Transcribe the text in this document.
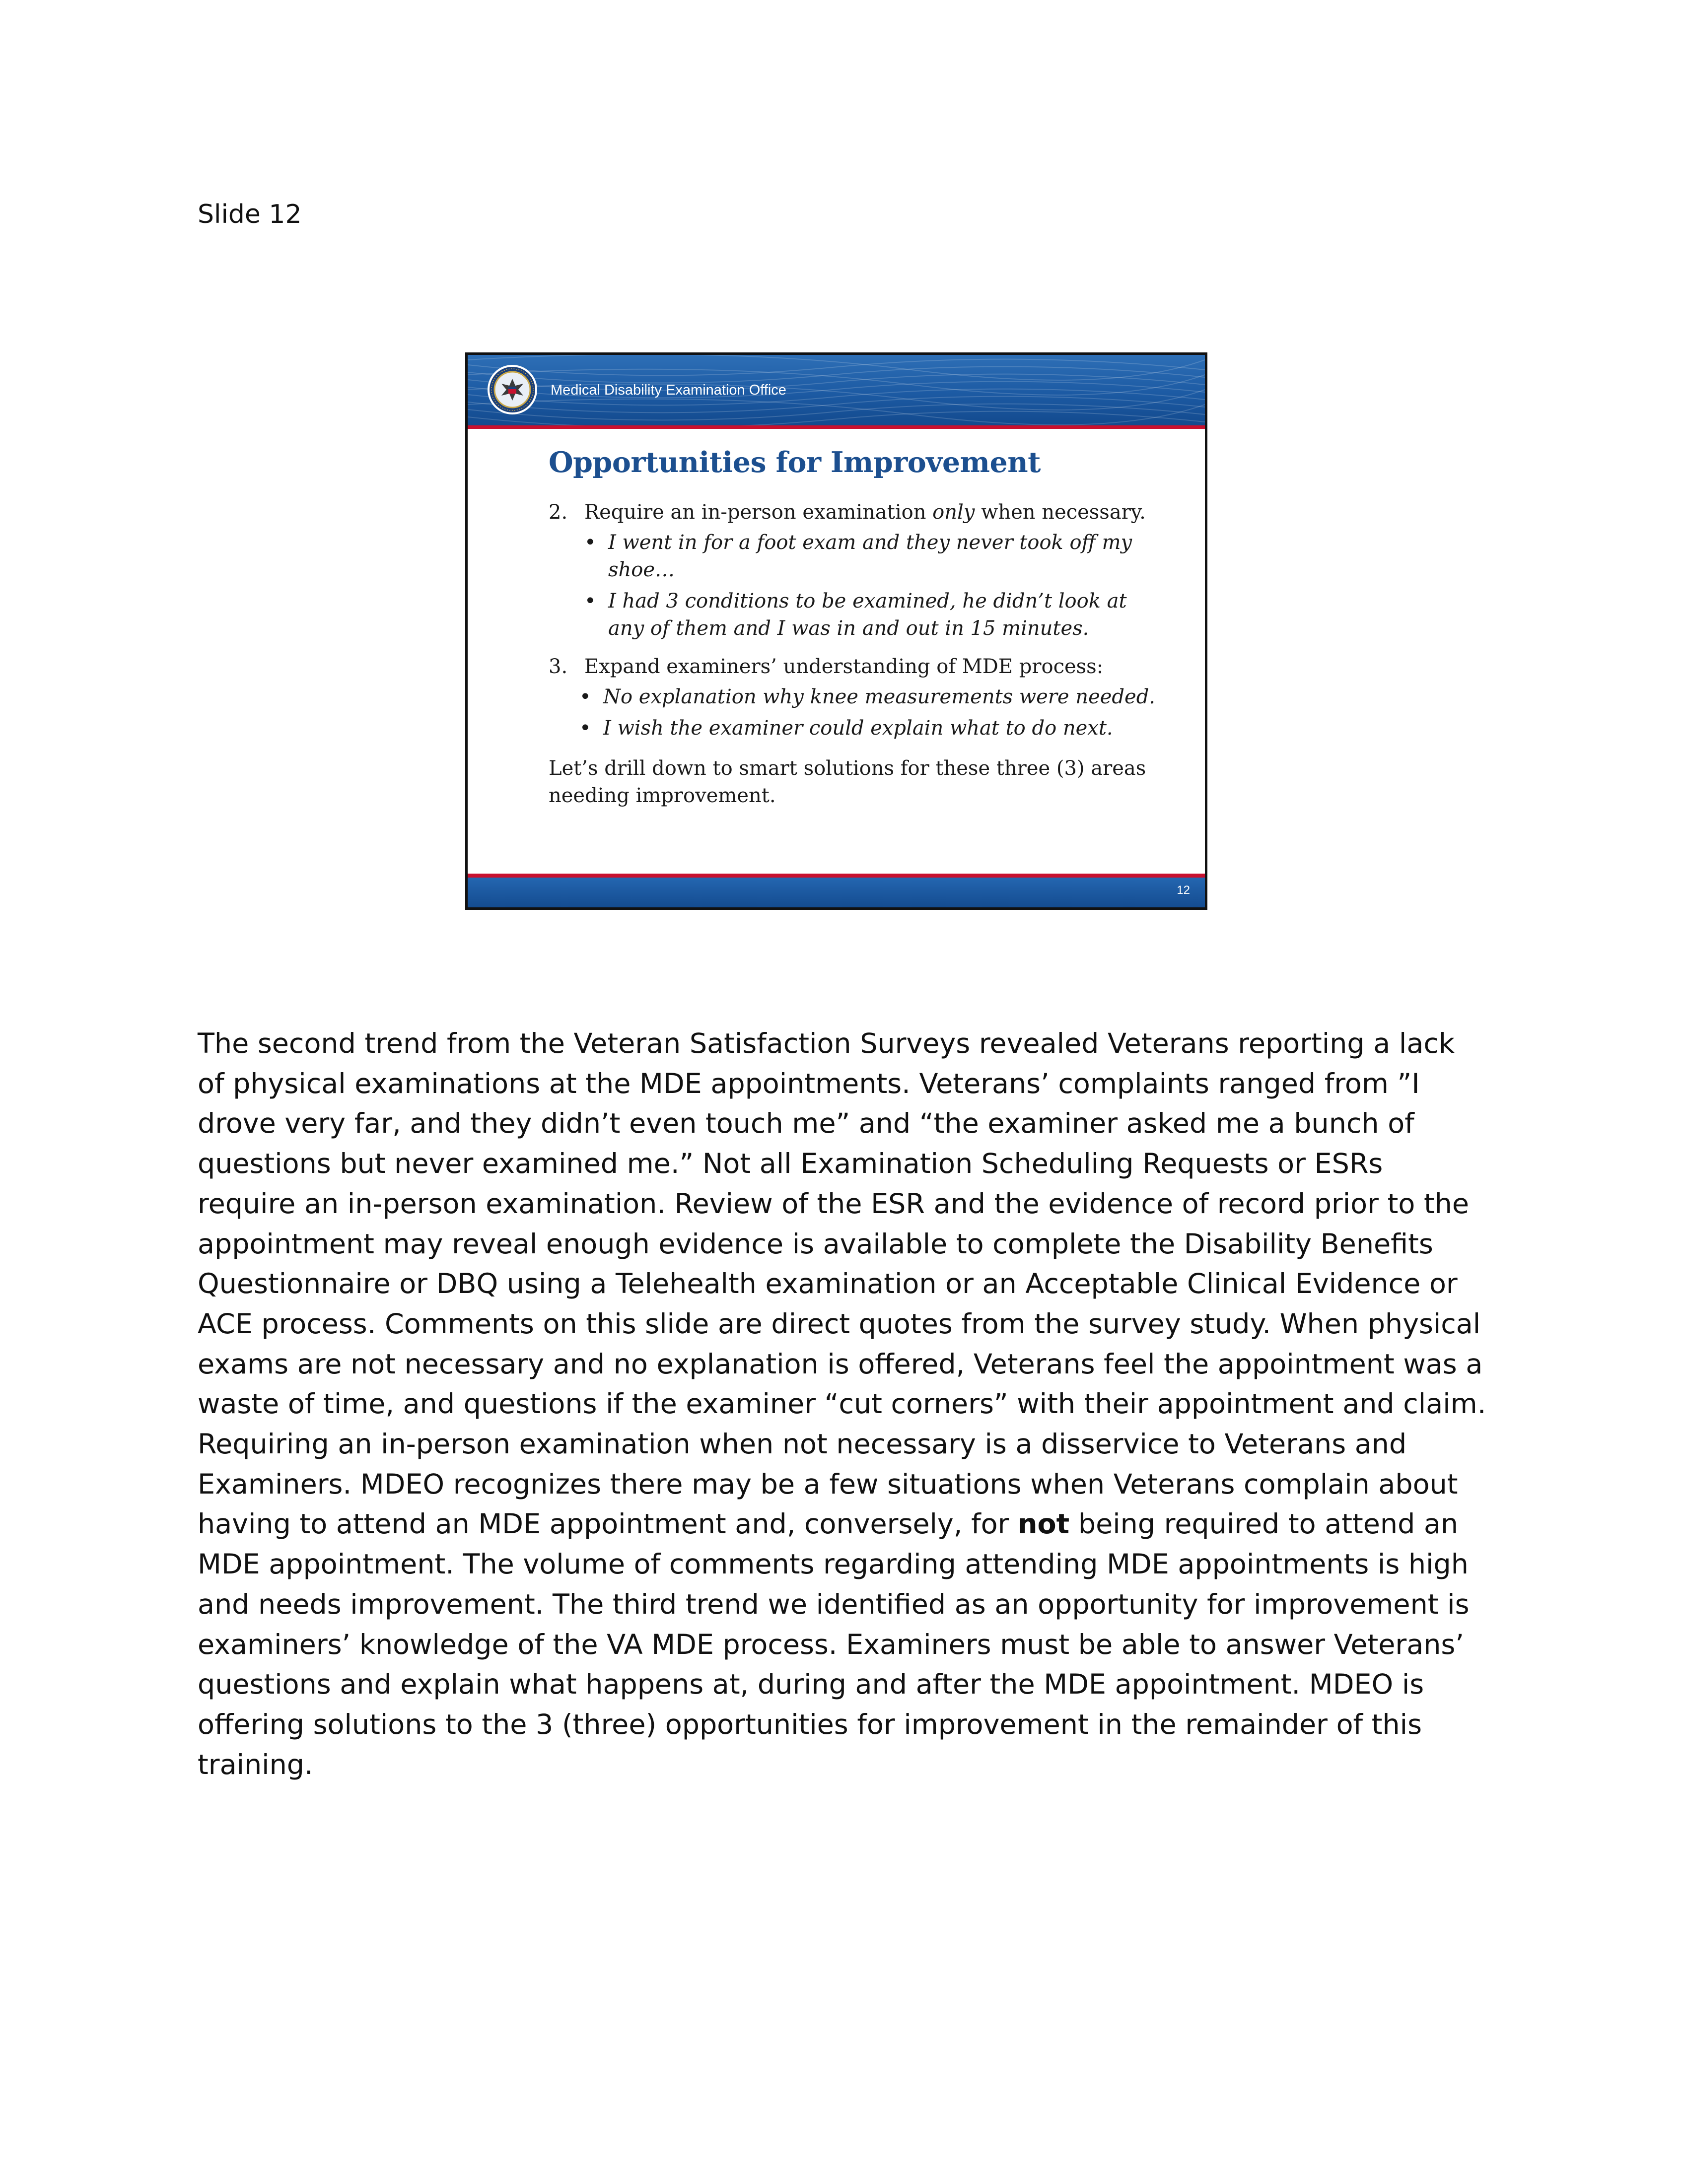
Slide 12
Medical Disability Examination Office
Opportunities for Improvement

2. Require an in-person examination only when necessary.

• I went in for a foot exam and they never took off my shoe…
• I had 3 conditions to be examined, he didn’t look at any of them and I was in and out in 15 minutes.

3. Expand examiners’ understanding of MDE process:

• No explanation why knee measurements were needed.
• I wish the examiner could explain what to do next.

Let’s drill down to smart solutions for these three (3) areas needing improvement.

12

The second trend from the Veteran Satisfaction Surveys revealed Veterans reporting a lack of physical examinations at the MDE appointments. Veterans’ complaints ranged from ”I drove very far, and they didn’t even touch me” and “the examiner asked me a bunch of questions but never examined me.” Not all Examination Scheduling Requests or ESRs require an in-person examination. Review of the ESR and the evidence of record prior to the appointment may reveal enough evidence is available to complete the Disability Benefits Questionnaire or DBQ using a Telehealth examination or an Acceptable Clinical Evidence or ACE process. Comments on this slide are direct quotes from the survey study. When physical exams are not necessary and no explanation is offered, Veterans feel the appointment was a waste of time, and questions if the examiner “cut corners” with their appointment and claim. Requiring an in-person examination when not necessary is a disservice to Veterans and Examiners. MDEO recognizes there may be a few situations when Veterans complain about having to attend an MDE appointment and, conversely, for not being required to attend an MDE appointment. The volume of comments regarding attending MDE appointments is high and needs improvement. The third trend we identified as an opportunity for improvement is examiners’ knowledge of the VA MDE process. Examiners must be able to answer Veterans’ questions and explain what happens at, during and after the MDE appointment. MDEO is offering solutions to the 3 (three) opportunities for improvement in the remainder of this training.
